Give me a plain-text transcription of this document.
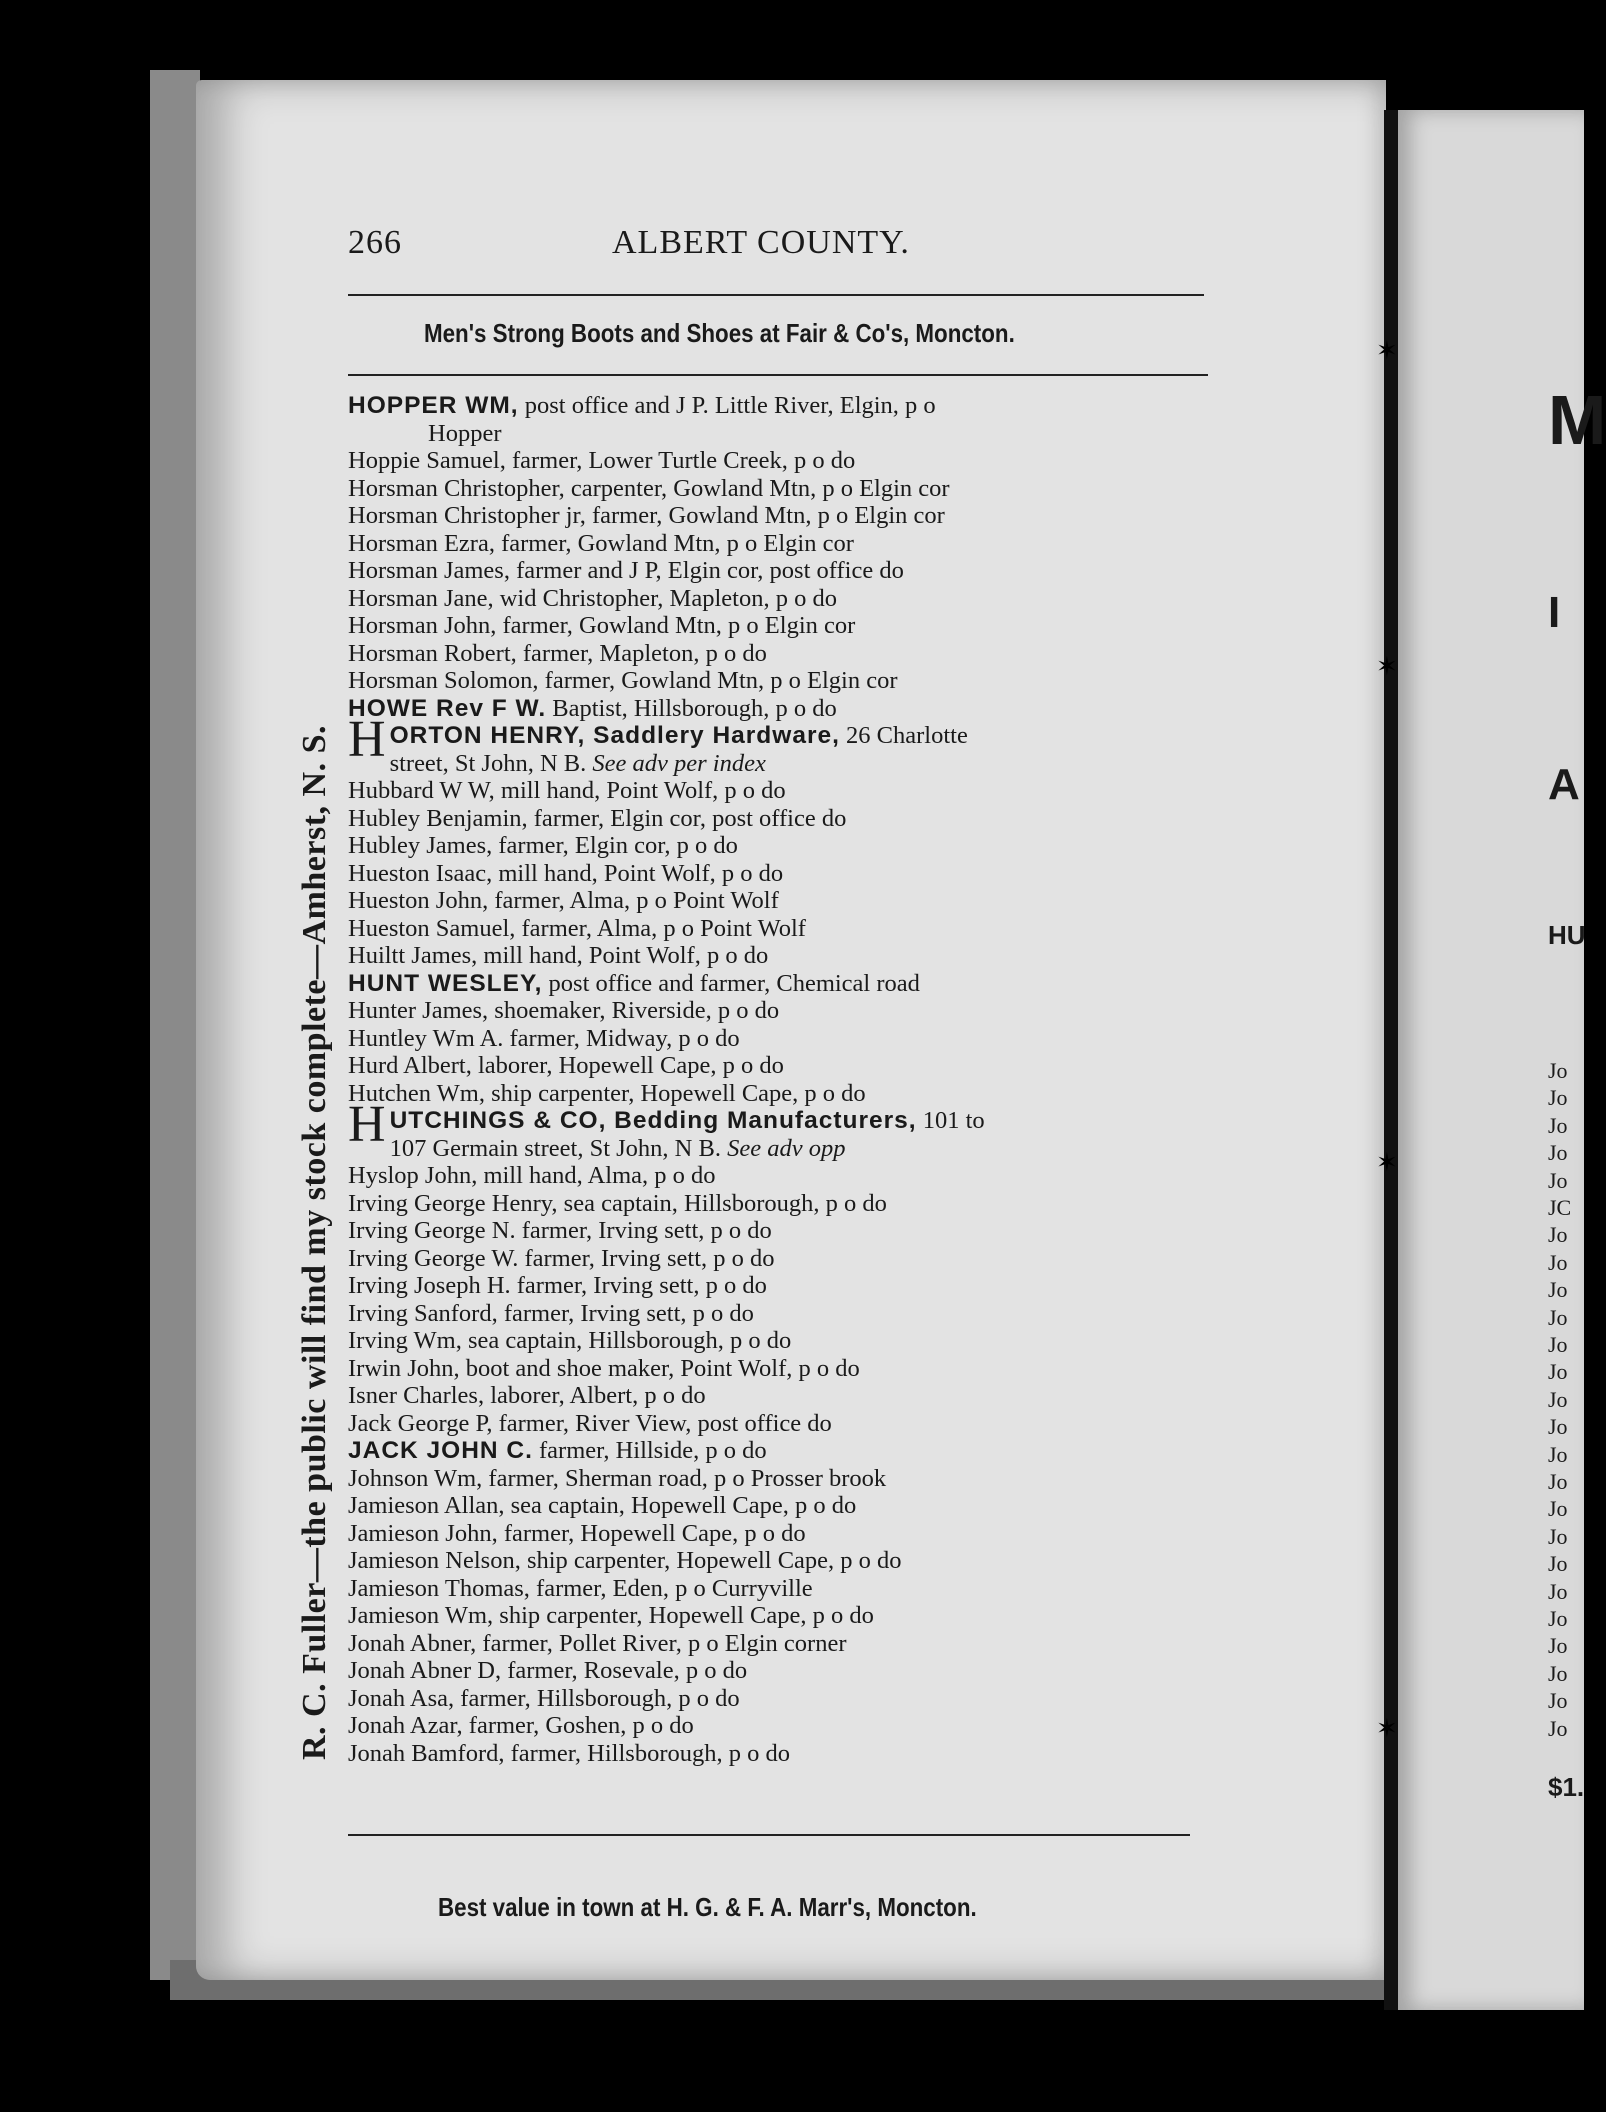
266	ALBERT COUNTY.
Men's Strong Boots and Shoes at Fair & Co's, Moncton.
R. C. Fuller—the public will find my stock complete—Amherst, N. S.
HOPPER WM, post office and J P. Little River, Elgin, p o
Hopper
Hoppie Samuel, farmer, Lower Turtle Creek, p o do
Horsman Christopher, carpenter, Gowland Mtn, p o Elgin cor
Horsman Christopher jr, farmer, Gowland Mtn, p o Elgin cor
Horsman Ezra, farmer, Gowland Mtn, p o Elgin cor
Horsman James, farmer and J P, Elgin cor, post office do
Horsman Jane, wid Christopher, Mapleton, p o do
Horsman John, farmer, Gowland Mtn, p o Elgin cor
Horsman Robert, farmer, Mapleton, p o do
Horsman Solomon, farmer, Gowland Mtn, p o Elgin cor
HOWE Rev F W. Baptist, Hillsborough, p o do
HORTON HENRY, Saddlery Hardware, 26 Charlotte
street, St John, N B. See adv per index
Hubbard W W, mill hand, Point Wolf, p o do
Hubley Benjamin, farmer, Elgin cor, post office do
Hubley James, farmer, Elgin cor, p o do
Hueston Isaac, mill hand, Point Wolf, p o do
Hueston John, farmer, Alma, p o Point Wolf
Hueston Samuel, farmer, Alma, p o Point Wolf
Huiltt James, mill hand, Point Wolf, p o do
HUNT WESLEY, post office and farmer, Chemical road
Hunter James, shoemaker, Riverside, p o do
Huntley Wm A. farmer, Midway, p o do
Hurd Albert, laborer, Hopewell Cape, p o do
Hutchen Wm, ship carpenter, Hopewell Cape, p o do
HUTCHINGS & CO, Bedding Manufacturers, 101 to
107 Germain street, St John, N B. See adv opp
Hyslop John, mill hand, Alma, p o do
Irving George Henry, sea captain, Hillsborough, p o do
Irving George N. farmer, Irving sett, p o do
Irving George W. farmer, Irving sett, p o do
Irving Joseph H. farmer, Irving sett, p o do
Irving Sanford, farmer, Irving sett, p o do
Irving Wm, sea captain, Hillsborough, p o do
Irwin John, boot and shoe maker, Point Wolf, p o do
Isner Charles, laborer, Albert, p o do
Jack George P, farmer, River View, post office do
JACK JOHN C. farmer, Hillside, p o do
Johnson Wm, farmer, Sherman road, p o Prosser brook
Jamieson Allan, sea captain, Hopewell Cape, p o do
Jamieson John, farmer, Hopewell Cape, p o do
Jamieson Nelson, ship carpenter, Hopewell Cape, p o do
Jamieson Thomas, farmer, Eden, p o Curryville
Jamieson Wm, ship carpenter, Hopewell Cape, p o do
Jonah Abner, farmer, Pollet River, p o Elgin corner
Jonah Abner D, farmer, Rosevale, p o do
Jonah Asa, farmer, Hillsborough, p o do
Jonah Azar, farmer, Goshen, p o do
Jonah Bamford, farmer, Hillsborough, p o do
Best value in town at H. G. & F. A. Marr's, Moncton.
✶
✶
✶
✶
M
I
A
HU
Jo
Jo
Jo
Jo
Jo
JC
Jo
Jo
Jo
Jo
Jo
Jo
Jo
Jo
Jo
Jo
Jo
Jo
Jo
Jo
Jo
Jo
Jo
Jo
Jo
$1.
